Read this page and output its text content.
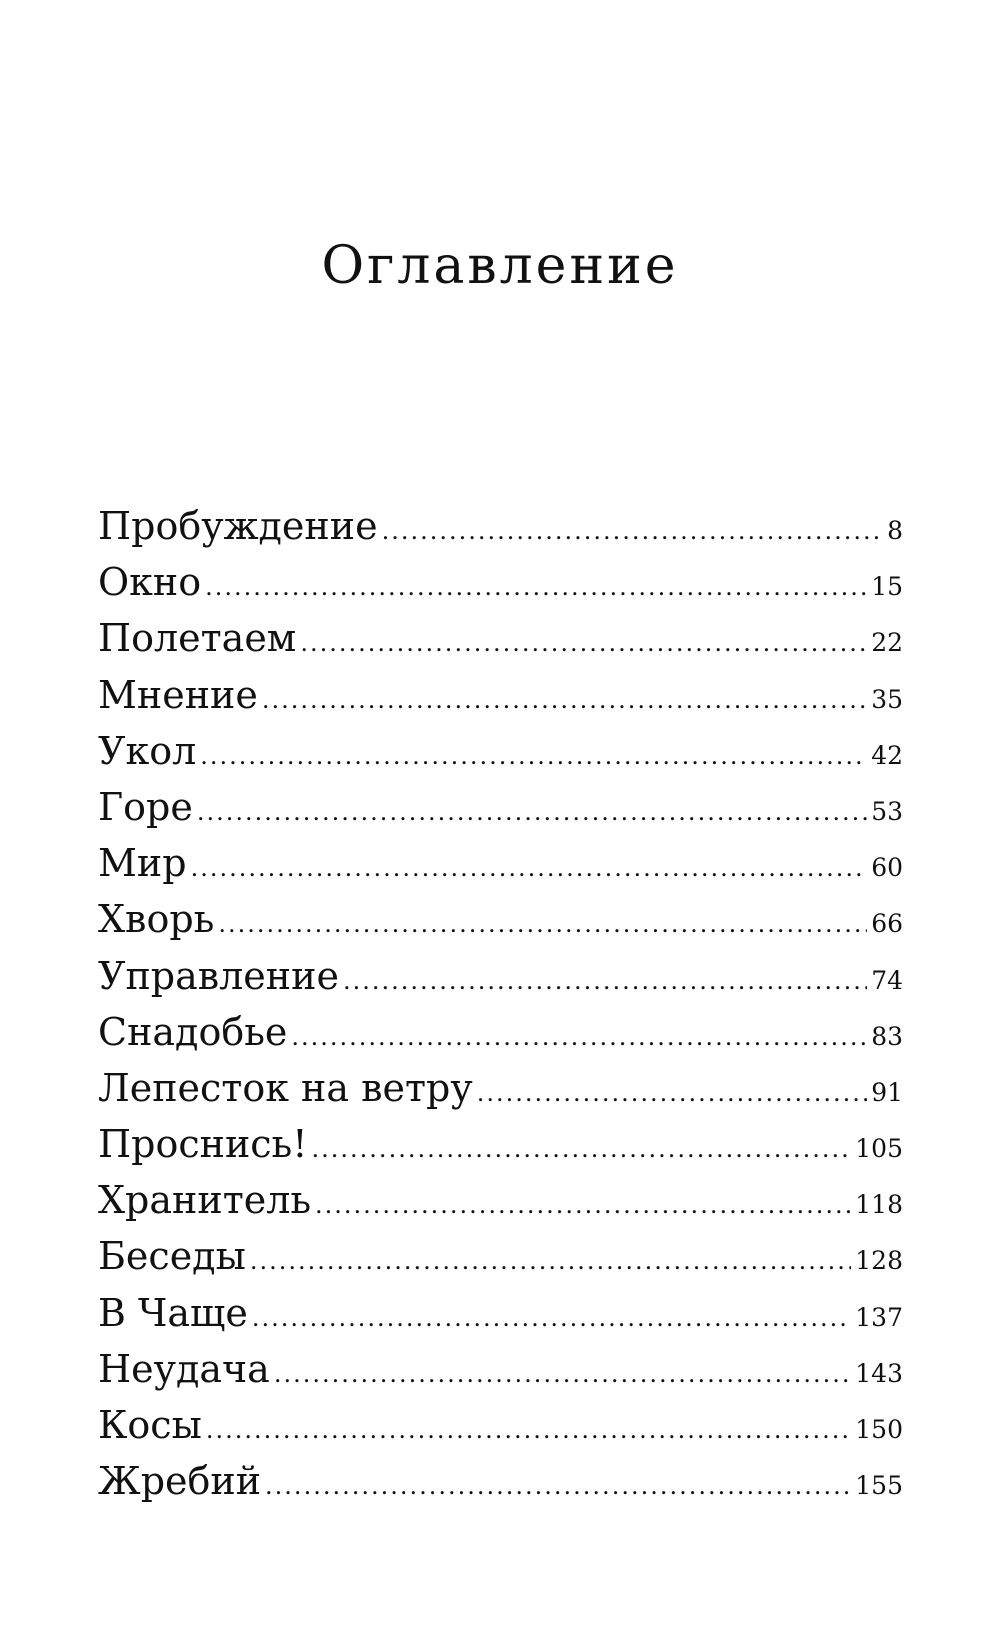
Оглавление
Пробуждение .....	8
Окно .....	15
Полетаем .....	22
Мнение .....	35
Укол .....	42
Горе .....	53
Мир .....	60
Хворь .....	66
Управление .....	74
Снадобье .....	83
Лепесток на ветру .....	91
Проснись! .....	105
Хранитель .....	118
Беседы .....	128
В Чаще .....	137
Неудача .....	143
Косы .....	150
Жребий .....	155
